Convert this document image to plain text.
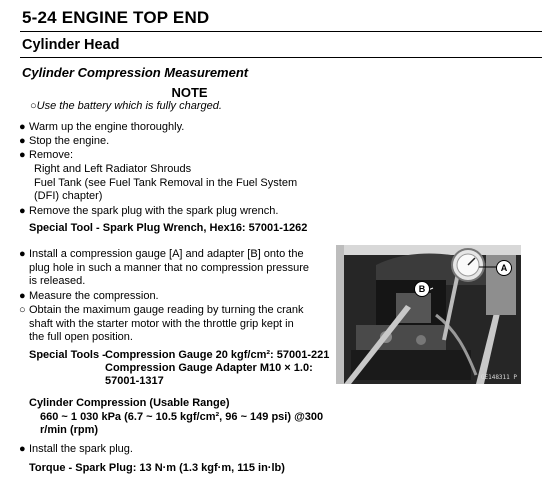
5-24 ENGINE TOP END
Cylinder Head
Cylinder Compression Measurement
NOTE
○Use the battery which is fully charged.
● Warm up the engine thoroughly.
● Stop the engine.
● Remove:
Right and Left Radiator Shrouds
Fuel Tank (see Fuel Tank Removal in the Fuel System
(DFI) chapter)
● Remove the spark plug with the spark plug wrench.
Special Tool - Spark Plug Wrench, Hex16: 57001-1262
● Install a compression gauge [A] and adapter [B] onto the
plug hole in such a manner that no compression pressure
is released.
● Measure the compression.
○ Obtain the maximum gauge reading by turning the crank
shaft with the starter motor with the throttle grip kept in
the full open position.
Special Tools - Compression Gauge 20 kgf/cm²: 57001-221
Compression Gauge Adapter M10 × 1.0:
57001-1317
Cylinder Compression (Usable Range)
660 ~ 1 030 kPa (6.7 ~ 10.5 kgf/cm², 96 ~ 149 psi) @300
r/min (rpm)
● Install the spark plug.
Torque - Spark Plug: 13 N·m (1.3 kgf·m, 115 in·lb)
A
B
GE148311 P
